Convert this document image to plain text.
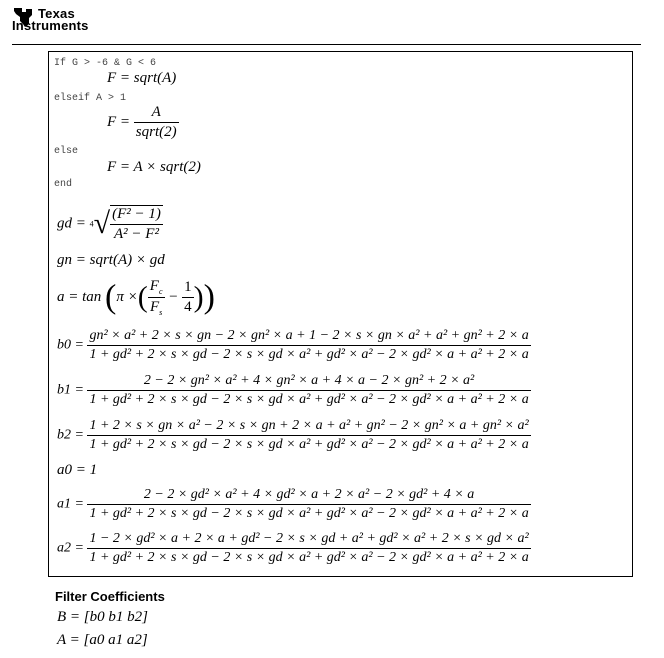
Texas
Instruments
If G > -6 & G < 6
F = sqrt(A)
elseif A > 1
$F = \frac{A}{\text{sqrt(2)}}$
else
F = A × sqrt(2)
end
gd = $4√ \frac{\text{(F² − 1)}}{\text{A² − F²}}$
gn = sqrt(A) × gd
a = tan (π ×( $\frac{F_c}{F_s} - \frac{1}{4}$ ))
b0 =
gn² × a² + 2 × s × gn − 2 × gn² × a + 1 − 2 × s × gn × a² + a² + gn² + 2 × a
1 + gd² + 2 × s × gd − 2 × s × gd × a² + gd² × a² − 2 × gd² × a + a² + 2 × a
b1 =
2 − 2 × gn² × a² + 4 × gn² × a + 4 × a − 2 × gn² + 2 × a²
1 + gd² + 2 × s × gd − 2 × s × gd × a² + gd² × a² − 2 × gd² × a + a² + 2 × a
b2 =
1 + 2 × s × gn × a² − 2 × s × gn + 2 × a + a² + gn² − 2 × gn² × a + gn² × a²
1 + gd² + 2 × s × gd − 2 × s × gd × a² + gd² × a² − 2 × gd² × a + a² + 2 × a
a0 = 1
a1 =
2 − 2 × gd² × a² + 4 × gd² × a + 2 × a² − 2 × gd² + 4 × a
1 + gd² + 2 × s × gd − 2 × s × gd × a² + gd² × a² − 2 × gd² × a + a² + 2 × a
a2 =
1 − 2 × gd² × a + 2 × a + gd² − 2 × s × gd + a² + gd² × a² + 2 × s × gd × a²
1 + gd² + 2 × s × gd − 2 × s × gd × a² + gd² × a² − 2 × gd² × a + a² + 2 × a
Filter Coefficients
B = [b0 b1 b2]
A = [a0 a1 a2]
